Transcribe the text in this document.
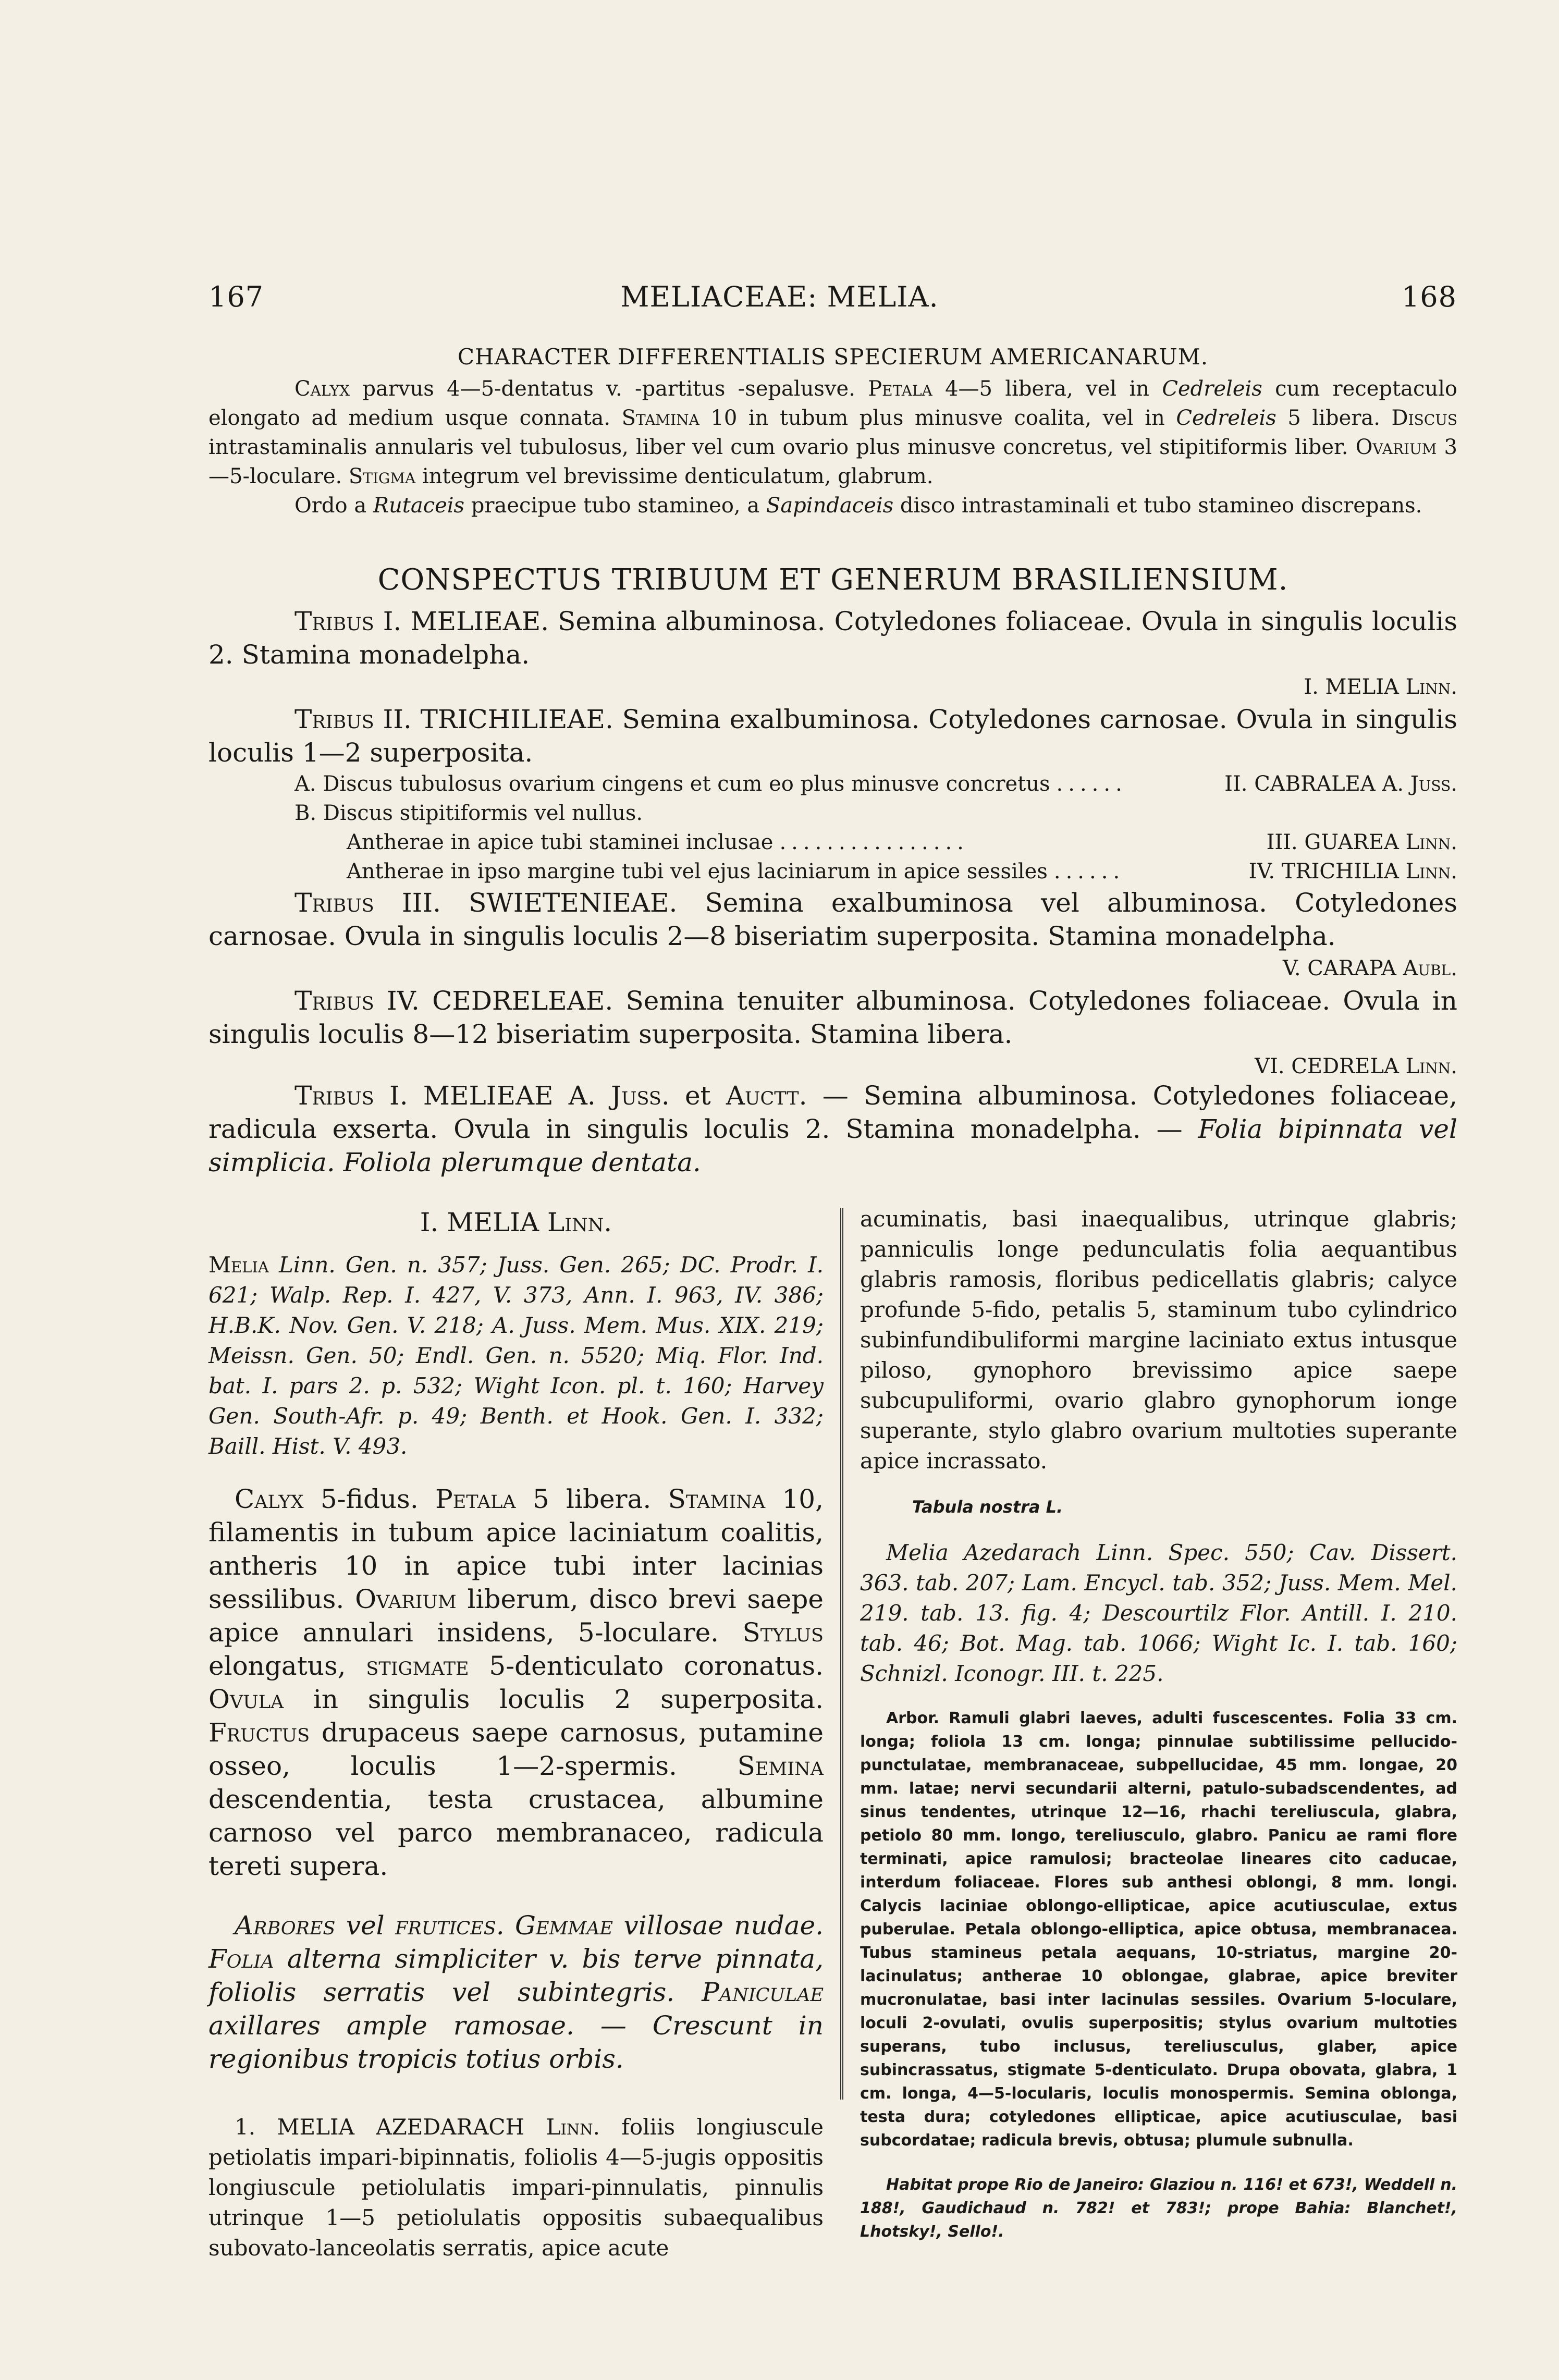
167	MELIACEAE: MELIA.	168
CHARACTER DIFFERENTIALIS SPECIERUM AMERICANARUM.

Calyx parvus 4—5-dentatus v. -partitus -sepalusve. Petala 4—5 libera, vel in Cedreleis cum receptaculo elongato ad medium usque connata. Stamina 10 in tubum plus minusve coalita, vel in Cedreleis 5 libera. Discus intrastaminalis annularis vel tubulosus, liber vel cum ovario plus minusve concretus, vel stipitiformis liber. Ovarium 3—5-loculare. Stigma integrum vel brevissime denticulatum, glabrum.

Ordo a Rutaceis praecipue tubo stamineo, a Sapindaceis disco intrastaminali et tubo stamineo discrepans.

CONSPECTUS TRIBUUM ET GENERUM BRASILIENSIUM.

Tribus I. MELIEAE. Semina albuminosa. Cotyledones foliaceae. Ovula in singulis loculis 2. Stamina monadelpha.

I. MELIA Linn.

Tribus II. TRICHILIEAE. Semina exalbuminosa. Cotyledones carnosae. Ovula in singulis loculis 1—2 superposita.

A. Discus tubulosus ovarium cingens et cum eo plus minusve concretus ......	II. CABRALEA A. Juss.
B. Discus stipitiformis vel nullus.
Antherae in apice tubi staminei inclusae ................	III. GUAREA Linn.
Antherae in ipso margine tubi vel ejus laciniarum in apice sessiles ......	IV. TRICHILIA Linn.

Tribus III. SWIETENIEAE. Semina exalbuminosa vel albuminosa. Cotyledones carnosae. Ovula in singulis loculis 2—8 biseriatim superposita. Stamina monadelpha.

V. CARAPA Aubl.

Tribus IV. CEDRELEAE. Semina tenuiter albuminosa. Cotyledones foliaceae. Ovula in singulis loculis 8—12 biseriatim superposita. Stamina libera.

VI. CEDRELA Linn.

Tribus I. MELIEAE A. Juss. et Auctt. — Semina albuminosa. Cotyledones foliaceae, radicula exserta. Ovula in singulis loculis 2. Stamina monadelpha. — Folia bipinnata vel simplicia. Foliola plerumque dentata.

I. MELIA Linn.

Melia Linn. Gen. n. 357; Juss. Gen. 265; DC. Prodr. I. 621; Walp. Rep. I. 427, V. 373, Ann. I. 963, IV. 386; H.B.K. Nov. Gen. V. 218; A. Juss. Mem. Mus. XIX. 219; Meissn. Gen. 50; Endl. Gen. n. 5520; Miq. Flor. Ind. bat. I. pars 2. p. 532; Wight Icon. pl. t. 160; Harvey Gen. South-Afr. p. 49; Benth. et Hook. Gen. I. 332; Baill. Hist. V. 493.

Calyx 5-fidus. Petala 5 libera. Stamina 10, filamentis in tubum apice laciniatum coalitis, antheris 10 in apice tubi inter lacinias sessilibus. Ovarium liberum, disco brevi saepe apice annulari insidens, 5-loculare. Stylus elongatus, stigmate 5-denticulato coronatus. Ovula in singulis loculis 2 superposita. Fructus drupaceus saepe carnosus, putamine osseo, loculis 1—2-spermis. Semina descendentia, testa crustacea, albumine carnoso vel parco membranaceo, radicula tereti supera.

Arbores vel frutices. Gemmae villosae nudae. Folia alterna simpliciter v. bis terve pinnata, foliolis serratis vel subintegris. Paniculae axillares ample ramosae. — Crescunt in regionibus tropicis totius orbis.

1. MELIA AZEDARACH Linn. foliis longiuscule petiolatis impari-bipinnatis, foliolis 4—5-jugis oppositis longiuscule petiolulatis impari-pinnulatis, pinnulis utrinque 1—5 petiolulatis oppositis subaequalibus subovato-lanceolatis serratis, apice acute

acuminatis, basi inaequalibus, utrinque glabris; panniculis longe pedunculatis folia aequantibus glabris ramosis, floribus pedicellatis glabris; calyce profunde 5-fido, petalis 5, staminum tubo cylindrico subinfundibuliformi margine laciniato extus intusque piloso, gynophoro brevissimo apice saepe subcupuliformi, ovario glabro gynophorum ionge superante, stylo glabro ovarium multoties superante apice incrassato.

Tabula nostra L.

Melia Azedarach Linn. Spec. 550; Cav. Dissert. 363. tab. 207; Lam. Encycl. tab. 352; Juss. Mem. Mel. 219. tab. 13. fig. 4; Descourtilz Flor. Antill. I. 210. tab. 46; Bot. Mag. tab. 1066; Wight Ic. I. tab. 160; Schnizl. Iconogr. III. t. 225.

Arbor. Ramuli glabri laeves, adulti fuscescentes. Folia 33 cm. longa; foliola 13 cm. longa; pinnulae subtilissime pellucido-punctulatae, membranaceae, subpellucidae, 45 mm. longae, 20 mm. latae; nervi secundarii alterni, patulo-subadscendentes, ad sinus tendentes, utrinque 12—16, rhachi tereliuscula, glabra, petiolo 80 mm. longo, tereliusculo, glabro. Panicu ae rami flore terminati, apice ramulosi; bracteolae lineares cito caducae, interdum foliaceae. Flores sub anthesi oblongi, 8 mm. longi. Calycis laciniae oblongo-ellipticae, apice acutiusculae, extus puberulae. Petala oblongo-elliptica, apice obtusa, membranacea. Tubus stamineus petala aequans, 10-striatus, margine 20-lacinulatus; antherae 10 oblongae, glabrae, apice breviter mucronulatae, basi inter lacinulas sessiles. Ovarium 5-loculare, loculi 2-ovulati, ovulis superpositis; stylus ovarium multoties superans, tubo inclusus, tereliusculus, glaber, apice subincrassatus, stigmate 5-denticulato. Drupa obovata, glabra, 1 cm. longa, 4—5-locularis, loculis monospermis. Semina oblonga, testa dura; cotyledones ellipticae, apice acutiusculae, basi subcordatae; radicula brevis, obtusa; plumule subnulla.

Habitat prope Rio de Janeiro: Glaziou n. 116! et 673!, Weddell n. 188!, Gaudichaud n. 782! et 783!; prope Bahia: Blanchet!, Lhotsky!, Sello!.
